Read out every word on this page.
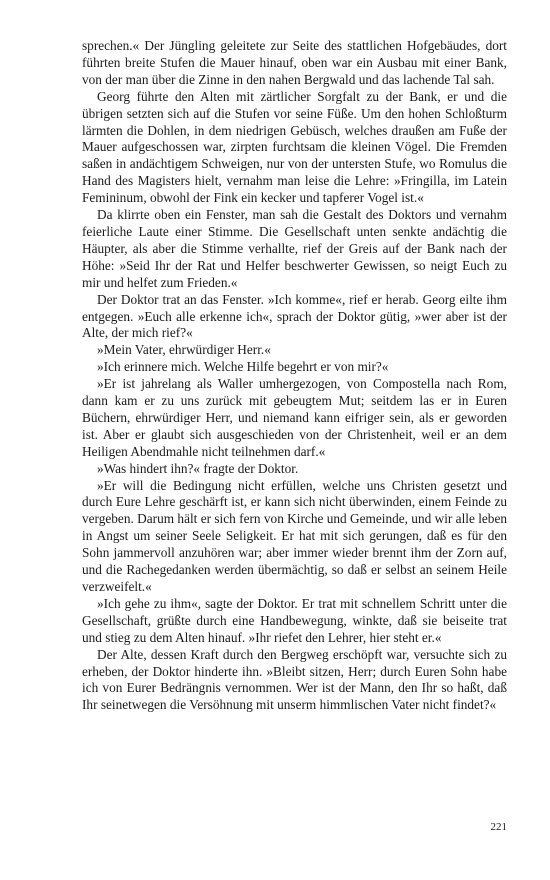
sprechen.« Der Jüngling geleitete zur Seite des stattlichen Hofgebäudes, dort führten breite Stufen die Mauer hinauf, oben war ein Ausbau mit einer Bank, von der man über die Zinne in den nahen Bergwald und das lachende Tal sah.

Georg führte den Alten mit zärtlicher Sorgfalt zu der Bank, er und die übrigen setzten sich auf die Stufen vor seine Füße. Um den hohen Schloßturm lärmten die Dohlen, in dem niedrigen Gebüsch, welches draußen am Fuße der Mauer aufgeschossen war, zirpten furchtsam die kleinen Vögel. Die Fremden saßen in andächtigem Schweigen, nur von der untersten Stufe, wo Romulus die Hand des Magisters hielt, vernahm man leise die Lehre: »Fringilla, im Latein Femininum, obwohl der Fink ein kecker und tapferer Vogel ist.«

Da klirrte oben ein Fenster, man sah die Gestalt des Doktors und vernahm feierliche Laute einer Stimme. Die Gesellschaft unten senkte andächtig die Häupter, als aber die Stimme verhallte, rief der Greis auf der Bank nach der Höhe: »Seid Ihr der Rat und Helfer beschwerter Gewissen, so neigt Euch zu mir und helfet zum Frieden.«

Der Doktor trat an das Fenster. »Ich komme«, rief er herab. Georg eilte ihm entgegen. »Euch alle erkenne ich«, sprach der Doktor gütig, »wer aber ist der Alte, der mich rief?«

»Mein Vater, ehrwürdiger Herr.«

»Ich erinnere mich. Welche Hilfe begehrt er von mir?«

»Er ist jahrelang als Waller umhergezogen, von Compostella nach Rom, dann kam er zu uns zurück mit gebeugtem Mut; seitdem las er in Euren Büchern, ehrwürdiger Herr, und niemand kann eifriger sein, als er geworden ist. Aber er glaubt sich ausgeschieden von der Christenheit, weil er an dem Heiligen Abendmahle nicht teilnehmen darf.«

»Was hindert ihn?« fragte der Doktor.

»Er will die Bedingung nicht erfüllen, welche uns Christen gesetzt und durch Eure Lehre geschärft ist, er kann sich nicht überwinden, einem Feinde zu vergeben. Darum hält er sich fern von Kirche und Gemeinde, und wir alle leben in Angst um seiner Seele Seligkeit. Er hat mit sich gerungen, daß es für den Sohn jammervoll anzuhören war; aber immer wieder brennt ihm der Zorn auf, und die Rachegedanken werden übermächtig, so daß er selbst an seinem Heile verzweifelt.«

»Ich gehe zu ihm«, sagte der Doktor. Er trat mit schnellem Schritt unter die Gesellschaft, grüßte durch eine Handbewegung, winkte, daß sie beiseite trat und stieg zu dem Alten hinauf. »Ihr riefet den Lehrer, hier steht er.«

Der Alte, dessen Kraft durch den Bergweg erschöpft war, versuchte sich zu erheben, der Doktor hinderte ihn. »Bleibt sitzen, Herr; durch Euren Sohn habe ich von Eurer Bedrängnis vernommen. Wer ist der Mann, den Ihr so haßt, daß Ihr seinetwegen die Versöhnung mit unserm himmlischen Vater nicht findet?«

221
